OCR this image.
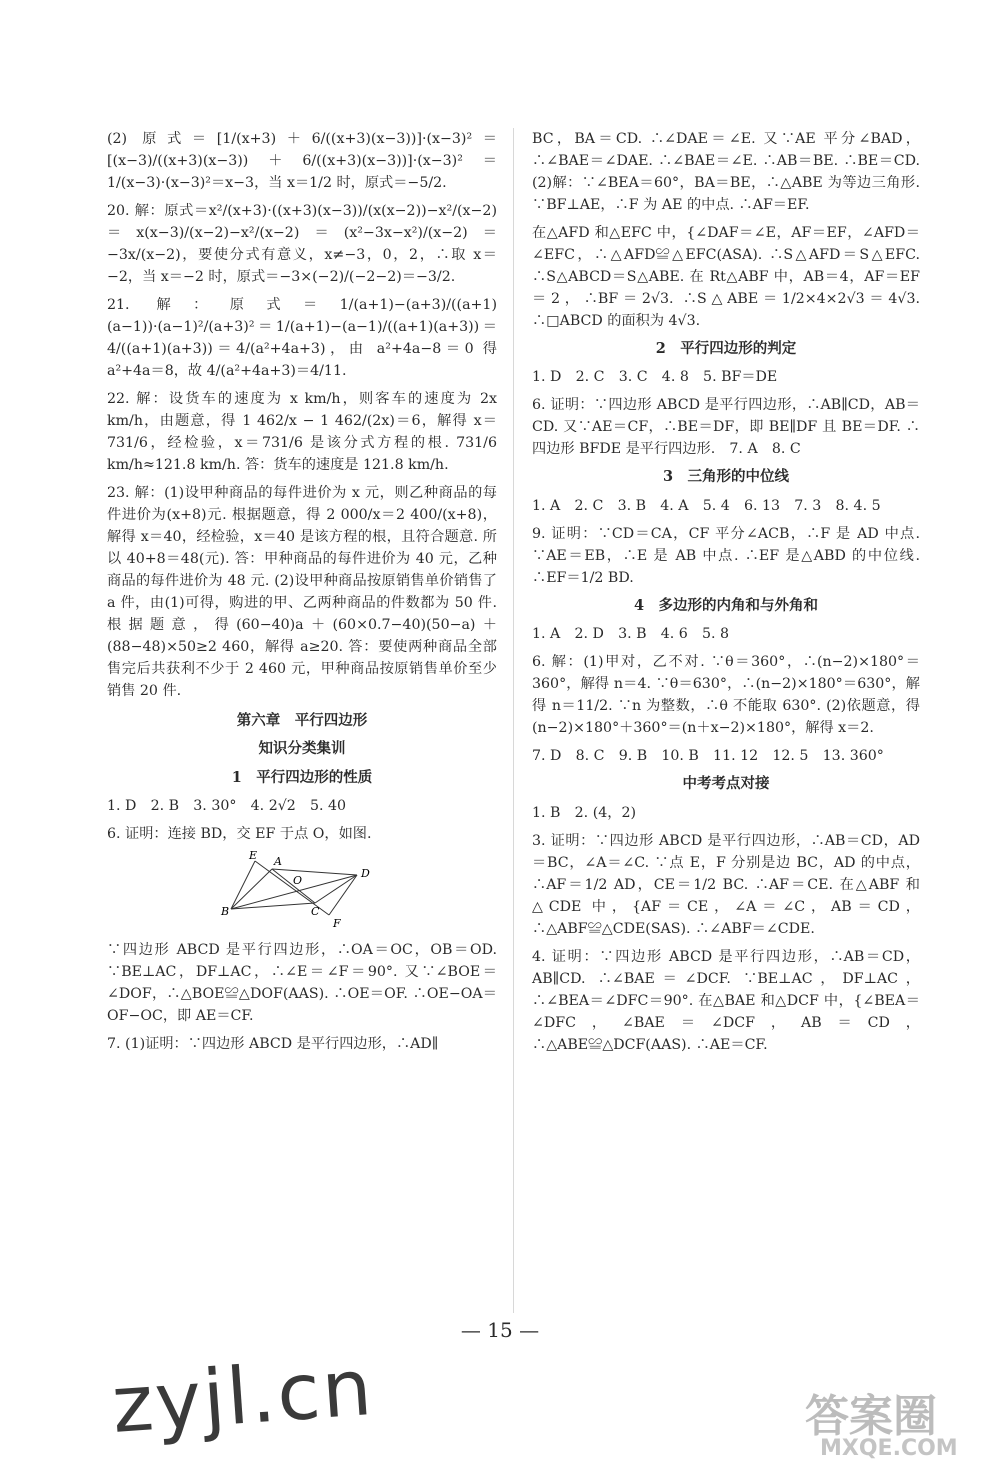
(2) 原式＝[1/(x+3)＋6/((x+3)(x−3))]·(x−3)²＝[(x−3)/((x+3)(x−3))＋6/((x+3)(x−3))]·(x−3)²＝1/(x−3)·(x−3)²＝x−3，当 x＝1/2 时，原式＝−5/2.

20. 解：原式＝x²/(x+3)·((x+3)(x−3))/(x(x−2))−x²/(x−2)＝x(x−3)/(x−2)−x²/(x−2)＝(x²−3x−x²)/(x−2)＝−3x/(x−2)，要使分式有意义，x≠−3，0，2，∴取 x＝−2，当 x＝−2 时，原式＝−3×(−2)/(−2−2)＝−3/2.

21. 解：原式＝1/(a+1)−(a+3)/((a+1)(a−1))·(a−1)²/(a+3)²＝1/(a+1)−(a−1)/((a+1)(a+3))＝4/((a+1)(a+3))＝4/(a²+4a+3)，由 a²+4a−8＝0 得 a²+4a＝8，故 4/(a²+4a+3)＝4/11.

22. 解：设货车的速度为 x km/h，则客车的速度为 2x km/h，由题意，得 1 462/x − 1 462/(2x)＝6，解得 x＝731/6，经检验，x＝731/6 是该分式方程的根. 731/6 km/h≈121.8 km/h. 答：货车的速度是 121.8 km/h.

23. 解：(1)设甲种商品的每件进价为 x 元，则乙种商品的每件进价为(x+8)元. 根据题意，得 2 000/x＝2 400/(x+8)，解得 x＝40，经检验，x＝40 是该方程的根，且符合题意. 所以 40+8＝48(元). 答：甲种商品的每件进价为 40 元，乙种商品的每件进价为 48 元. (2)设甲种商品按原销售单价销售了 a 件，由(1)可得，购进的甲、乙两种商品的件数都为 50 件. 根据题意，得(60−40)a＋(60×0.7−40)(50−a)＋(88−48)×50≥2 460，解得 a≥20. 答：要使两种商品全部售完后共获利不少于 2 460 元，甲种商品按原销售单价至少销售 20 件.

第六章　平行四边形
知识分类集训
1　平行四边形的性质

1. D　2. B　3. 30°　4. 2√2　5. 40

6. 证明：连接 BD，交 EF 于点 O，如图.

E A
O
D
B	C
F

∵四边形 ABCD 是平行四边形，∴OA＝OC，OB＝OD. ∵BE⊥AC，DF⊥AC，∴∠E＝∠F＝90°. 又∵∠BOE＝∠DOF，∴△BOE≌△DOF(AAS). ∴OE＝OF. ∴OE−OA＝OF−OC，即 AE＝CF.

7. (1)证明：∵四边形 ABCD 是平行四边形，∴AD∥

BC，BA＝CD. ∴∠DAE＝∠E. 又∵AE 平分∠BAD，∴∠BAE＝∠DAE. ∴∠BAE＝∠E. ∴AB＝BE. ∴BE＝CD. (2)解：∵∠BEA＝60°，BA＝BE，∴△ABE 为等边三角形. ∵BF⊥AE，∴F 为 AE 的中点. ∴AF＝EF.

在△AFD 和△EFC 中，{∠DAF＝∠E，AF＝EF，∠AFD＝∠EFC，∴△AFD≌△EFC(ASA). ∴S△AFD＝S△EFC. ∴S△ABCD＝S△ABE. 在 Rt△ABF 中，AB＝4，AF＝EF＝2，∴BF＝2√3. ∴S△ABE＝1/2×4×2√3＝4√3. ∴□ABCD 的面积为 4√3.

2　平行四边形的判定

1. D　2. C　3. C　4. 8　5. BF＝DE

6. 证明：∵四边形 ABCD 是平行四边形，∴AB∥CD，AB＝CD. 又∵AE＝CF，∴BE＝DF，即 BE∥DF 且 BE＝DF. ∴四边形 BFDE 是平行四边形.　7. A　8. C

3　三角形的中位线

1. A　2. C　3. B　4. A　5. 4　6. 13　7. 3　8. 4. 5

9. 证明：∵CD＝CA，CF 平分∠ACB，∴F 是 AD 中点. ∵AE＝EB，∴E 是 AB 中点. ∴EF 是△ABD 的中位线. ∴EF＝1/2 BD.

4　多边形的内角和与外角和

1. A　2. D　3. B　4. 6　5. 8

6. 解：(1)甲对，乙不对. ∵θ＝360°，∴(n−2)×180°＝360°，解得 n＝4. ∵θ＝630°，∴(n−2)×180°＝630°，解得 n＝11/2. ∵n 为整数，∴θ 不能取 630°. (2)依题意，得(n−2)×180°＋360°＝(n＋x−2)×180°，解得 x＝2.

7. D　8. C　9. B　10. B　11. 12　12. 5　13. 360°

中考考点对接

1. B　2. (4，2)

3. 证明：∵四边形 ABCD 是平行四边形，∴AB＝CD，AD＝BC，∠A＝∠C. ∵点 E，F 分别是边 BC，AD 的中点，∴AF＝1/2 AD，CE＝1/2 BC. ∴AF＝CE. 在△ABF 和△CDE 中，{AF＝CE，∠A＝∠C，AB＝CD，∴△ABF≌△CDE(SAS). ∴∠ABF＝∠CDE.

4. 证明：∵四边形 ABCD 是平行四边形，∴AB＝CD，AB∥CD. ∴∠BAE＝∠DCF. ∵BE⊥AC，DF⊥AC，∴∠BEA＝∠DFC＝90°. 在△BAE 和△DCF 中，{∠BEA＝∠DFC，∠BAE＝∠DCF，AB＝CD，∴△ABE≌△DCF(AAS). ∴AE＝CF.

— 15 —
zyjl.cn	答案圈
MXQE.COM
